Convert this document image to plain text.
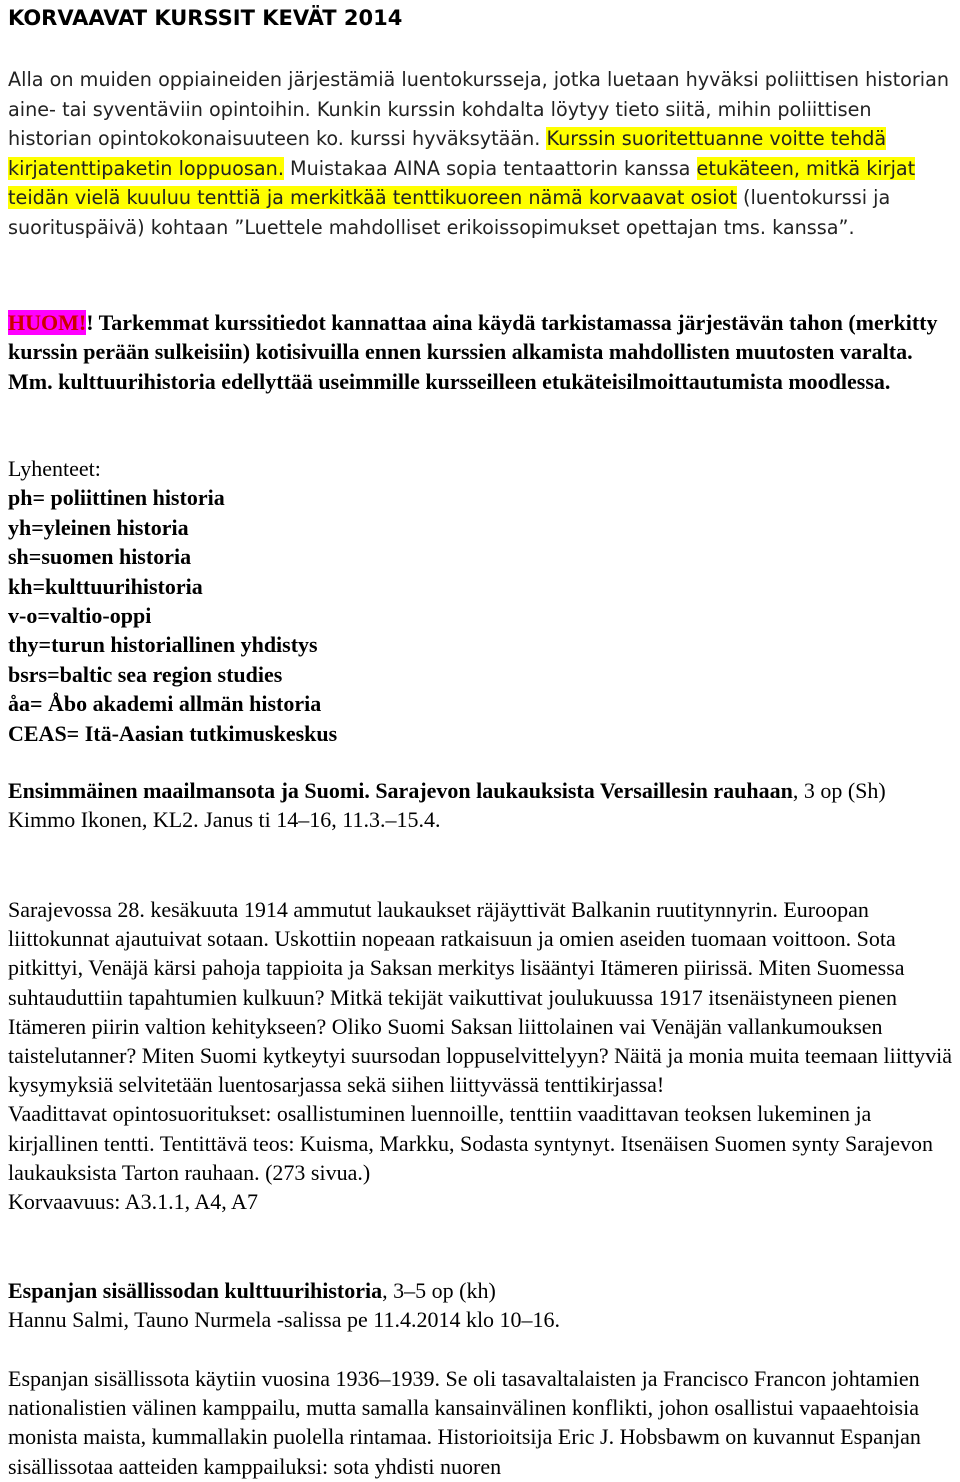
KORVAAVAT KURSSIT KEVÄT 2014
Alla on muiden oppiaineiden järjestämiä luentokursseja, jotka luetaan hyväksi poliittisen historian aine- tai syventäviin opintoihin. Kunkin kurssin kohdalta löytyy tieto siitä, mihin poliittisen historian opintokokonaisuuteen ko. kurssi hyväksytään. Kurssin suoritettuanne voitte tehdä kirjatenttipaketin loppuosan. Muistakaa AINA sopia tentaattorin kanssa etukäteen, mitkä kirjat teidän vielä kuuluu tenttiä ja merkitkää tenttikuoreen nämä korvaavat osiot (luentokurssi ja suorituspäivä) kohtaan ”Luettele mahdolliset erikoissopimukset opettajan tms. kanssa”.
HUOM!! Tarkemmat kurssitiedot kannattaa aina käydä tarkistamassa järjestävän tahon (merkitty kurssin perään sulkeisiin) kotisivuilla ennen kurssien alkamista mahdollisten muutosten varalta. Mm. kulttuurihistoria edellyttää useimmille kursseilleen etukäteisilmoittautumista moodlessa.
Lyhenteet:
ph= poliittinen historia
yh=yleinen historia
sh=suomen historia
kh=kulttuurihistoria
v-o=valtio-oppi
thy=turun historiallinen yhdistys
bsrs=baltic sea region studies
åa= Åbo akademi allmän historia
CEAS= Itä-Aasian tutkimuskeskus
Ensimmäinen maailmansota ja Suomi. Sarajevon laukauksista Versaillesin rauhaan, 3 op (Sh)
Kimmo Ikonen, KL2. Janus ti 14–16, 11.3.–15.4.
Sarajevossa 28. kesäkuuta 1914 ammutut laukaukset räjäyttivät Balkanin ruutitynnyrin. Euroopan liittokunnat ajautuivat sotaan. Uskottiin nopeaan ratkaisuun ja omien aseiden tuomaan voittoon. Sota pitkittyi, Venäjä kärsi pahoja tappioita ja Saksan merkitys lisääntyi Itämeren piirissä. Miten Suomessa suhtauduttiin tapahtumien kulkuun? Mitkä tekijät vaikuttivat joulukuussa 1917 itsenäistyneen pienen Itämeren piirin valtion kehitykseen? Oliko Suomi Saksan liittolainen vai Venäjän vallankumouksen taistelutanner? Miten Suomi kytkeytyi suursodan loppuselvittelyyn? Näitä ja monia muita teemaan liittyviä kysymyksiä selvitetään luentosarjassa sekä siihen liittyvässä tenttikirjassa!
Vaadittavat opintosuoritukset: osallistuminen luennoille, tenttiin vaadittavan teoksen lukeminen ja kirjallinen tentti. Tentittävä teos: Kuisma, Markku, Sodasta syntynyt. Itsenäisen Suomen synty Sarajevon laukauksista Tarton rauhaan. (273 sivua.)
Korvaavuus: A3.1.1, A4, A7
Espanjan sisällissodan kulttuurihistoria, 3–5 op (kh)
Hannu Salmi, Tauno Nurmela -salissa pe 11.4.2014 klo 10–16.
Espanjan sisällissota käytiin vuosina 1936–1939. Se oli tasavaltalaisten ja Francisco Francon johtamien nationalistien välinen kamppailu, mutta samalla kansainvälinen konflikti, johon osallistui vapaaehtoisia monista maista, kummallakin puolella rintamaa. Historioitsija Eric J. Hobsbawm on kuvannut Espanjan sisällissotaa aatteiden kamppailuksi: sota yhdisti nuoren
